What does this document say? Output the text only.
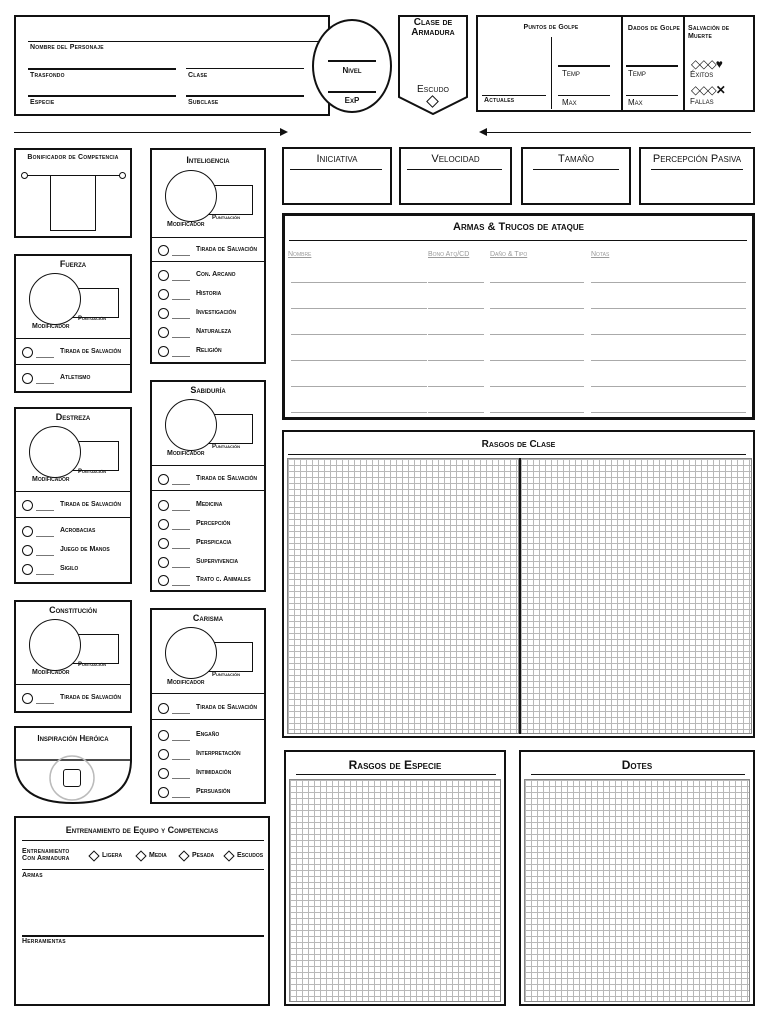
Nombre del Personaje
Trasfondo	Clase
Especie	Subclase
Nivel
ExP
Clase de Armadura
Escudo
Puntos de Golpe
Actuales
Temp
Max
Dados de Golpe
Temp
Max
Salvación de Muerte
◇◇◇♥
Éxitos
◇◇◇✕
Fallas
Bonificador de Competencia
Fuerza
Puntuación
Modificador
Tirada de Salvación
Atletismo
Destreza
Puntuación
Modificador
Tirada de Salvación
Acrobacias
Juego de Manos
Sigilo
Constitución
Puntuación
Modificador
Tirada de Salvación
Inspiración Heróica
Inteligencia
Puntuación
Modificador
Tirada de Salvación
Con. Arcano
Historia
Investigación
Naturaleza
Religión
Sabiduría
Puntuación
Modificador
Tirada de Salvación
Medicina
Percepción
Perspicacia
Supervivencia
Trato c. Animales
Carisma
Puntuación
Modificador
Tirada de Salvación
Engaño
Interpretación
Intimidación
Persuasión
Entrenamiento de Equipo y Competencias
Entrenamiento Con Armadura	Ligera	Media	Pesada	Escudos
Armas
Herramientas
Iniciativa	Velocidad	Tamaño	Percepción Pasiva
Armas & Trucos de ataque
Nombre	Bono Atq/CD	Daño & Tipo	Notas
Rasgos de Clase
Rasgos de Especie	Dotes
